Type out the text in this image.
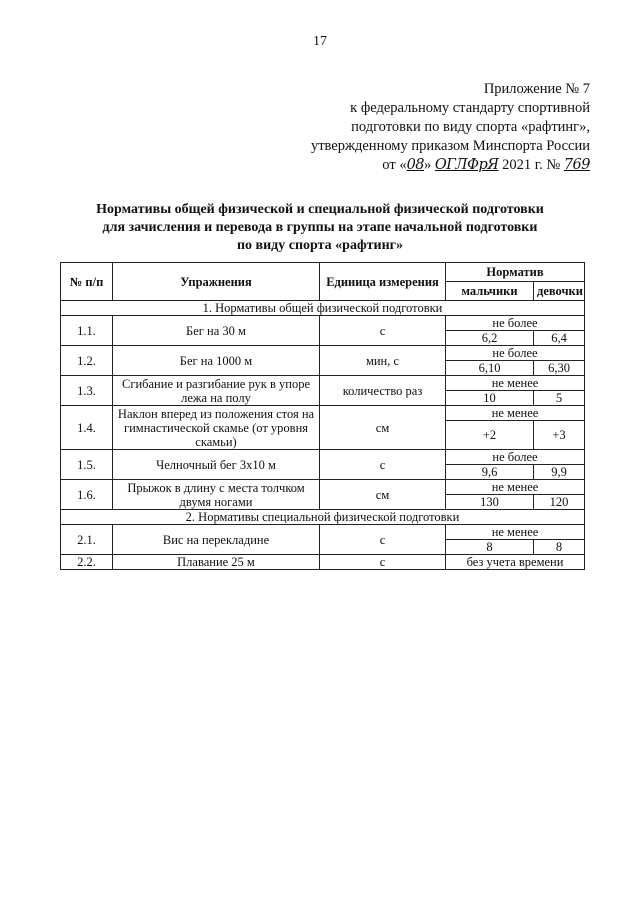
17
Приложение № 7
к федеральному стандарту спортивной
подготовки по виду спорта «рафтинг»,
утвержденному приказом Минспорта России
от «08» ОГЛФрЯ 2021 г. № 769
Нормативы общей физической и специальной физической подготовки
для зачисления и перевода в группы на этапе начальной подготовки
по виду спорта «рафтинг»
№ п/п	Упражнения	Единица измерения	Норматив	
			мальчики	девочки
1. Нормативы общей физической подготовки				
1.1.	Бег на 30 м	с	не более	
			6,2	6,4
1.2.	Бег на 1000 м	мин, с	не более	
			6,10	6,30
1.3.	Сгибание и разгибание рук в упоре лежа на полу	количество раз	не менее	
			10	5
1.4.	Наклон вперед из положения стоя на гимнастической скамье (от уровня скамьи)	см	не менее	
			+2	+3
1.5.	Челночный бег 3х10 м	с	не более	
			9,6	9,9
1.6.	Прыжок в длину с места толчком двумя ногами	см	не менее	
			130	120
2. Нормативы специальной физической подготовки				
2.1.	Вис на перекладине	с	не менее	
			8	8
2.2.	Плавание 25 м	с	без учета времени	
